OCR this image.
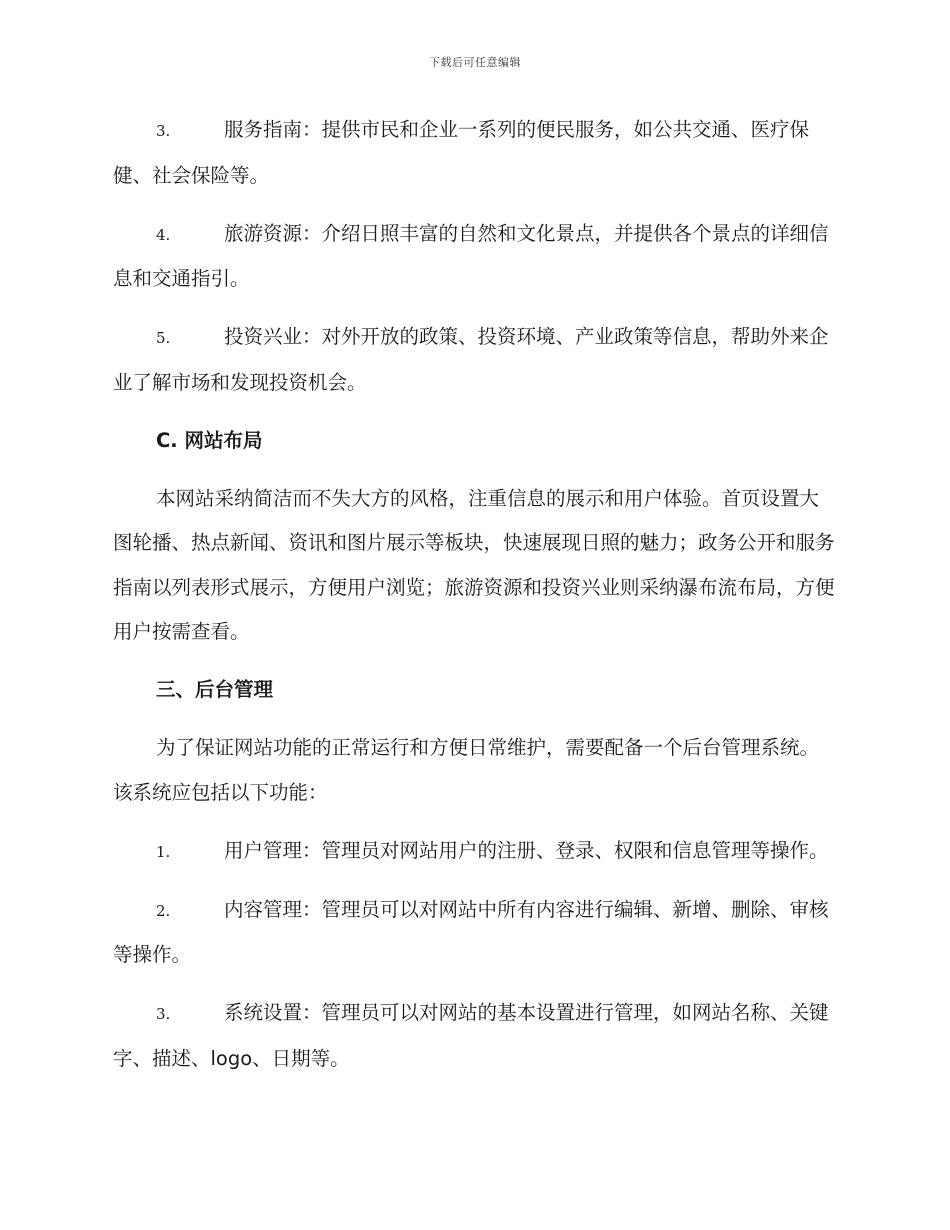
下载后可任意编辑
3.	服务指南：提供市民和企业一系列的便民服务，如公共交通、医疗保健、社会保险等。
4.	旅游资源：介绍日照丰富的自然和文化景点，并提供各个景点的详细信息和交通指引。
5.	投资兴业：对外开放的政策、投资环境、产业政策等信息，帮助外来企业了解市场和发现投资机会。
C. 网站布局
本网站采纳简洁而不失大方的风格，注重信息的展示和用户体验。首页设置大图轮播、热点新闻、资讯和图片展示等板块，快速展现日照的魅力；政务公开和服务指南以列表形式展示，方便用户浏览；旅游资源和投资兴业则采纳瀑布流布局，方便用户按需查看。
三、后台管理
为了保证网站功能的正常运行和方便日常维护，需要配备一个后台管理系统。该系统应包括以下功能：
1.	用户管理：管理员对网站用户的注册、登录、权限和信息管理等操作。
2.	内容管理：管理员可以对网站中所有内容进行编辑、新增、删除、审核等操作。
3.	系统设置：管理员可以对网站的基本设置进行管理，如网站名称、关键字、描述、logo、日期等。
